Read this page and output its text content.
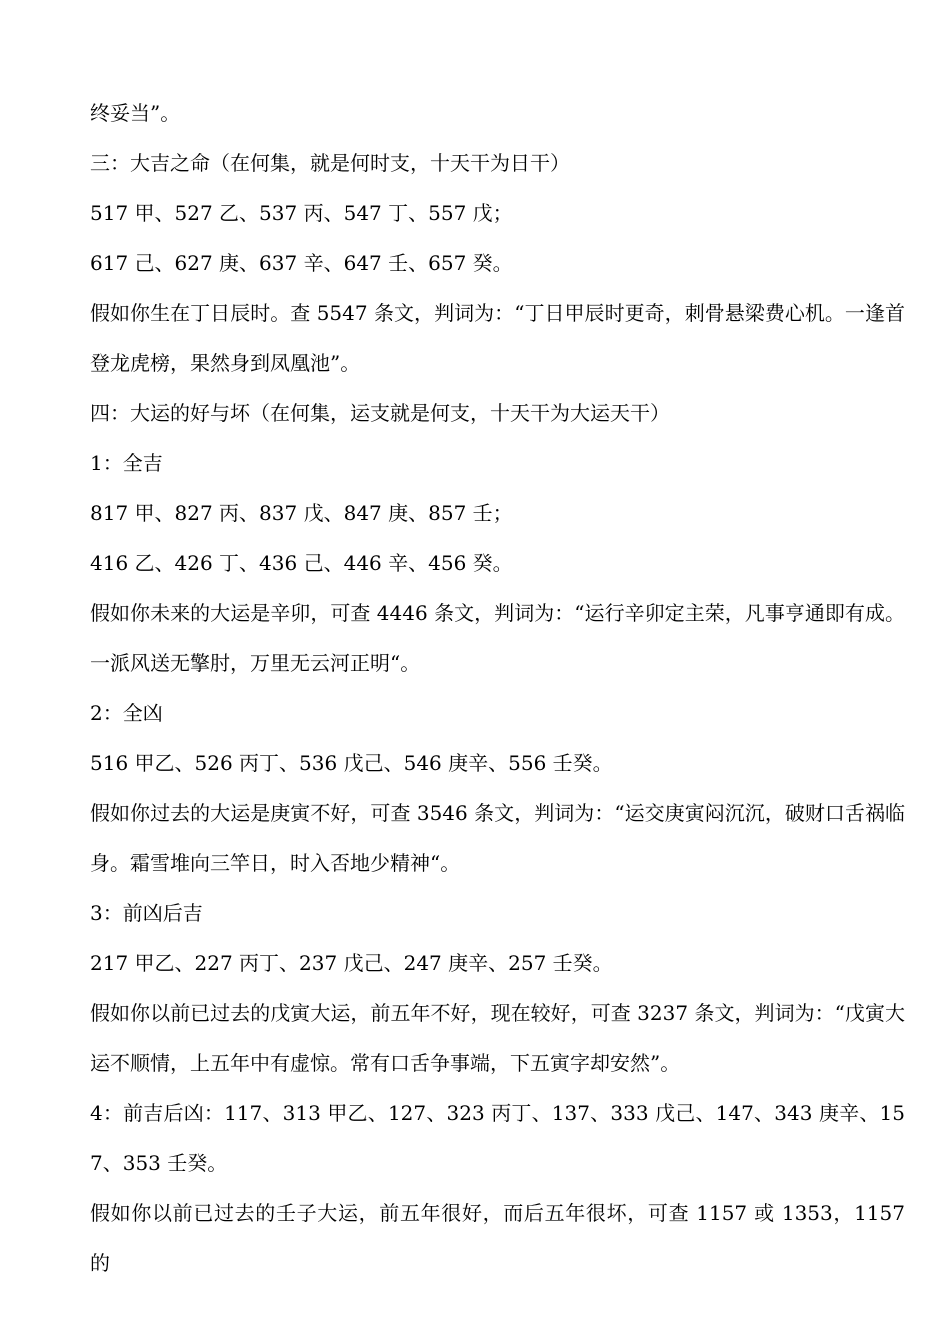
终妥当”。

三：大吉之命（在何集，就是何时支，十天干为日干）

517 甲、527 乙、537 丙、547 丁、557 戊；

617 己、627 庚、637 辛、647 壬、657 癸。

假如你生在丁日辰时。查 5547 条文，判词为：“丁日甲辰时更奇，刺骨悬梁费心机。一逢首登龙虎榜，果然身到凤凰池”。

四：大运的好与坏（在何集，运支就是何支，十天干为大运天干）

1：全吉

817 甲、827 丙、837 戊、847 庚、857 壬；

416 乙、426 丁、436 己、446 辛、456 癸。

假如你未来的大运是辛卯，可查 4446 条文，判词为：“运行辛卯定主荣，凡事亨通即有成。一派风送无擎肘，万里无云河正明“。

2：全凶

516 甲乙、526 丙丁、536 戊己、546 庚辛、556 壬癸。

假如你过去的大运是庚寅不好，可查 3546 条文，判词为：“运交庚寅闷沉沉，破财口舌祸临身。霜雪堆向三竿日，时入否地少精神“。

3：前凶后吉

217 甲乙、227 丙丁、237 戊己、247 庚辛、257 壬癸。

假如你以前已过去的戊寅大运，前五年不好，现在较好，可查 3237 条文，判词为：“戊寅大运不顺情，上五年中有虚惊。常有口舌争事端，下五寅字却安然”。

4：前吉后凶：117、313 甲乙、127、323 丙丁、137、333 戊己、147、343 庚辛、157、353 壬癸。

假如你以前已过去的壬子大运，前五年很好，而后五年很坏，可查 1157 或 1353，1157 的
